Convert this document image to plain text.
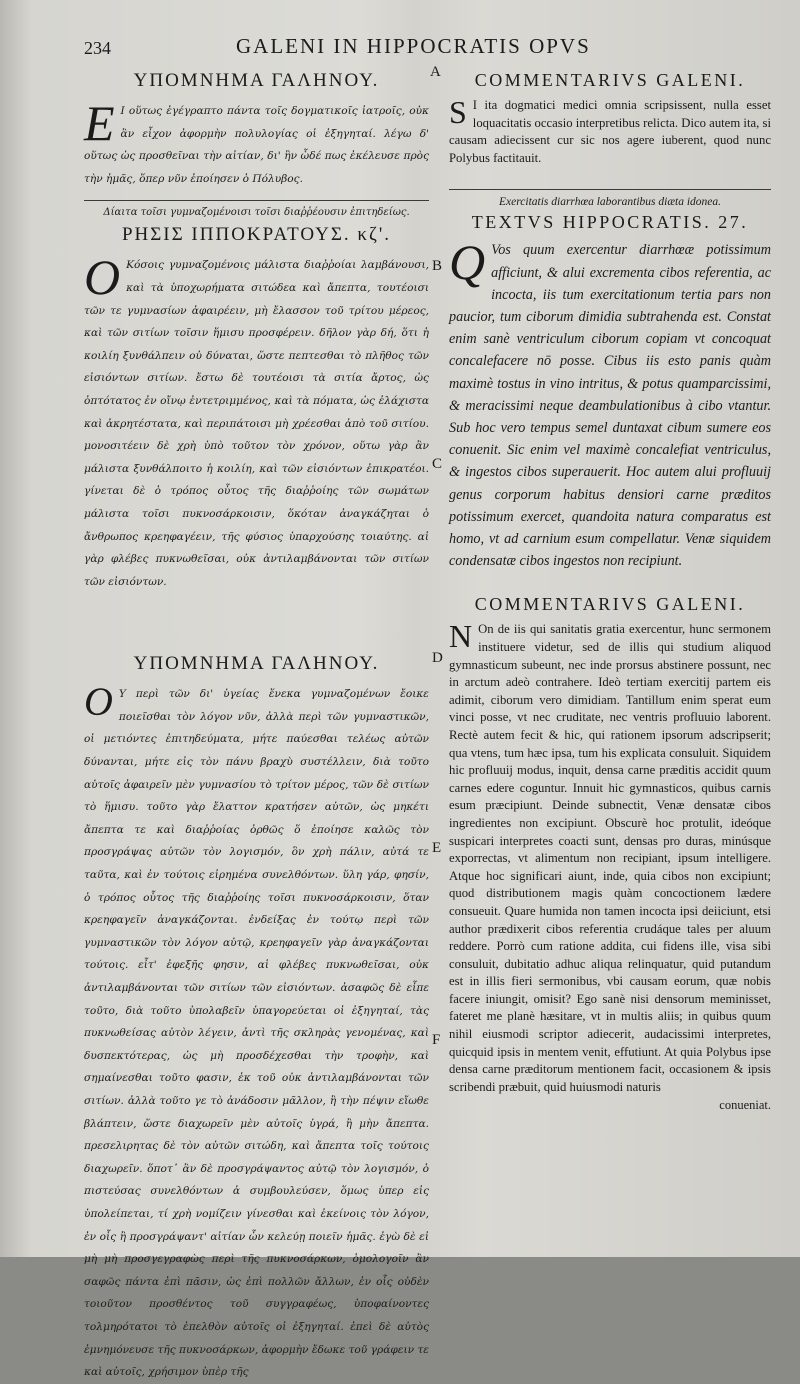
234	GALENI IN HIPPOCRATIS OPVS
A
B
C
D
E
F
ΥΠΟΜΝΗΜΑ ΓΑΛΗΝΟΥ.
E Ι οὕτως ἐγέγραπτο πάντα τοῖς δογματικοῖς ἰατροῖς, οὐκ ἂν εἶχον ἀφορμὴν πολυλογίας οἱ ἐξηγηταί. λέγω δ' οὕτως ὡς προσθεῖναι τὴν αἰτίαν, δι' ἣν ὧδέ πως ἐκέλευσε πρὸς τὴν ἡμᾶς, ὅπερ νῦν ἐποίησεν ὁ Πόλυβος.
Δίαιτα τοῖσι γυμναζομένοισι τοῖσι διαῤῥέουσιν ἐπιτηδείως.
ΡΗΣΙΣ ΙΠΠΟΚΡΑΤΟΥΣ. κζ'.
O Κόσοις γυμναζομένοις μάλιστα διαῤῥοίαι λαμβάνουσι, καὶ τὰ ὑποχωρήματα σιτώδεα καὶ ἄπεπτα, τουτέοισι τῶν τε γυμνασίων ἀφαιρέειν, μὴ ἔλασσον τοῦ τρίτου μέρεος, καὶ τῶν σιτίων τοῖσιν ἥμισυ προσφέρειν. δῆλον γὰρ δή, ὅτι ἡ κοιλίη ξυνθάλπειν οὐ δύναται, ὥστε πεπτεσθαι τὸ πλῆθος τῶν εἰσιόντων σιτίων. ἔστω δὲ τουτέοισι τὰ σιτία ἄρτος, ὡς ὀπτότατος ἐν οἴνῳ ἐντετριμμένος, καὶ τὰ πόματα, ὡς ἐλάχιστα καὶ ἀκρητέστατα, καὶ περιπάτοισι μὴ χρέεσθαι ἀπὸ τοῦ σιτίου. μονοσιτέειν δὲ χρὴ ὑπὸ τοῦτον τὸν χρόνον, οὕτω γὰρ ἂν μάλιστα ξυνθάλποιτο ἡ κοιλίη, καὶ τῶν εἰσιόντων ἐπικρατέοι. γίνεται δὲ ὁ τρόπος οὗτος τῆς διαῤῥοίης τῶν σωμάτων μάλιστα τοῖσι πυκνοσάρκοισιν, ὅκόταν ἀναγκάζηται ὁ ἄνθρωπος κρεηφαγέειν, τῆς φύσιος ὑπαρχούσης τοιαύτης. αἱ γὰρ φλέβες πυκνωθεῖσαι, οὐκ ἀντιλαμβάνονται τῶν σιτίων τῶν εἰσιόντων.
ΥΠΟΜΝΗΜΑ ΓΑΛΗΝΟΥ.
O Υ περὶ τῶν δι' ὑγείας ἕνεκα γυμναζομένων ἔοικε ποιεῖσθαι τὸν λόγον νῦν, ἀλλὰ περὶ τῶν γυμναστικῶν, οἱ μετιόντες ἐπιτηδεύματα, μήτε παύεσθαι τελέως αὐτῶν δύνανται, μήτε εἰς τὸν πάνυ βραχὺ συστέλλειν, διὰ τοῦτο αὐτοῖς ἀφαιρεῖν μὲν γυμνασίου τὸ τρίτον μέρος, τῶν δὲ σιτίων τὸ ἥμισυ. τοῦτο γὰρ ἔλαττον κρατήσεν αὐτῶν, ὡς μηκέτι ἄπεπτα τε καὶ διαῤῥοίας ὀρθῶς ὅ ἐποίησε καλῶς τὸν προσγράψας αὐτῶν τὸν λογισμόν, ὃν χρὴ πάλιν, αὐτά τε ταῦτα, καὶ ἐν τούτοις εἰρημένα συνελθόντων. ὕλη γάρ, φησίν, ὁ τρόπος οὗτος τῆς διαῤῥοίης τοῖσι πυκνοσάρκοισιν, ὅταν κρεηφαγεῖν ἀναγκάζονται. ἐνδείξας ἐν τούτῳ περὶ τῶν γυμναστικῶν τὸν λόγον αὐτῷ, κρεηφαγεῖν γὰρ ἀναγκάζονται τούτοις. εἶτ' ἐφεξῆς φησιν, αἱ φλέβες πυκνωθεῖσαι, οὐκ ἀντιλαμβάνονται τῶν σιτίων τῶν εἰσιόντων. ἀσαφῶς δὲ εἶπε τοῦτο, διὰ τοῦτο ὑπολαβεῖν ὑπαγορεύεται οἱ ἐξηγηταί, τὰς πυκνωθείσας αὐτὸν λέγειν, ἀντὶ τῆς σκληρὰς γενομένας, καὶ δυσπεκτότερας, ὡς μὴ προσδέχεσθαι τὴν τροφὴν, καὶ σημαίνεσθαι τοῦτο φασιν, ἐκ τοῦ οὐκ ἀντιλαμβάνονται τῶν σιτίων. ἀλλὰ τοῦτο γε τὸ ἀνάδοσιν μᾶλλον, ἢ τὴν πέψιν εἴωθε βλάπτειν, ὥστε διαχωρεῖν μὲν αὐτοῖς ὑγρά, ἢ μὴν ἄπεπτα. πρεσελιρητας δὲ τὸν αὐτῶν σιτώδη, καὶ ἄπεπτα τοῖς τούτοις διαχωρεῖν. ὅποτ᾽ ἂν δὲ προσγράψαντος αὐτῷ τὸν λογισμόν, ὁ πιστεύσας συνελθόντων ἀ συμβουλεύσεν, ὅμως ὑπερ εἰς ὑπολείπεται, τί χρὴ νομίζειν γίνεσθαι καὶ ἐκείνοις τὸν λόγον, ἐν οἷς ἢ προσγράψαντ' αἰτίαν ὧν κελεύῃ ποιεῖν ἡμᾶς. ἐγὼ δὲ εἰ μὴ μὴ προσγεγραφὼς περὶ τῆς πυκνοσάρκων, ὁμολογοῖν ἂν σαφῶς πάντα ἐπὶ πᾶσιν, ὡς ἐπὶ πολλῶν ἄλλων, ἐν οἷς οὐδὲν τοιοῦτον προσθέντος τοῦ συγγραφέως, ὑποφαίνοντες τολμηρότατοι τὸ ἐπελθὸν αὐτοῖς οἱ ἐξηγηταί. ἐπεὶ δὲ αὐτὸς ἐμνημόνευσε τῆς πυκνοσάρκων, ἀφορμὴν ἔδωκε τοῦ γράφειν τε καὶ αὐτοῖς, χρήσιμον ὑπὲρ τῆς
COMMENTARIVS GALENI.
S I ita dogmatici medici omnia scripsissent, nulla esset loquacitatis occasio interpretibus relicta. Dico autem ita, si causam adiecissent cur sic nos agere iuberent, quod nunc Polybus factitauit.
Exercitatis diarrhœa laborantibus diæta idonea.
TEXTVS HIPPOCRATIS. 27.
Q Vos quum exercentur diarrhœæ potissimum afficiunt, & alui excrementa cibos referentia, ac incocta, iis tum exercitationum tertia pars non paucior, tum ciborum dimidia subtrahenda est. Constat enim sanè ventriculum ciborum copiam vt concoquat concalefacere nō posse. Cibus iis esto panis quàm maximè tostus in vino intritus, & potus quamparcissimi, & meracissimi neque deambulationibus à cibo vtantur. Sub hoc vero tempus semel duntaxat cibum sumere eos conuenit. Sic enim vel maximè concalefiat ventriculus, & ingestos cibos superauerit. Hoc autem alui profluuij genus corporum habitus densiori carne præditos potissimum exercet, quandoita natura comparatus est homo, vt ad carnium esum compellatur. Venæ siquidem condensatæ cibos ingestos non recipiunt.
COMMENTARIVS GALENI.
N On de iis qui sanitatis gratia exercentur, hunc sermonem instituere videtur, sed de illis qui studium aliquod gymnasticum subeunt, nec inde prorsus abstinere possunt, nec in arctum adeò contrahere. Ideò tertiam exercitij partem eis adimit, ciborum vero dimidiam. Tantillum enim sperat eum vinci posse, vt nec cruditate, nec ventris profluuio laborent. Rectè autem fecit & hic, qui rationem ipsorum adscripserit; qua vtens, tum hæc ipsa, tum his explicata consuluit. Siquidem hic profluuij modus, inquit, densa carne præditis accidit quum carnes edere coguntur. Innuit hic gymnasticos, quibus carnis esum præcipiunt. Deinde subnectit, Venæ densatæ cibos ingredientes non excipiunt. Obscurè hoc protulit, ideóque suspicari interpretes coacti sunt, densas pro duras, minúsque exporrectas, vt alimentum non recipiant, ipsum intelligere. Atque hoc significari aiunt, inde, quia cibos non excipiunt; quod distributionem magis quàm concoctionem lædere consueuit. Quare humida non tamen incocta ipsi deiiciunt, etsi author prædixerit cibos referentia crudáque tales per aluum reddere. Porrò cum ratione addita, cui fidens ille, visa sibi consuluit, dubitatio adhuc aliqua relinquatur, quid putandum est in illis fieri sermonibus, vbi causam eorum, quæ nobis facere iniungit, omisit? Ego sanè nisi densorum meminisset, fateret me planè hæsitare, vt in multis aliis; in quibus quum nihil eiusmodi scriptor adiecerit, audacissimi interpretes, quicquid ipsis in mentem venit, effutiunt. At quia Polybus ipse densa carne præditorum mentionem facit, occasionem & ipsis scribendi præbuit, quid huiusmodi naturis
conueniat.
